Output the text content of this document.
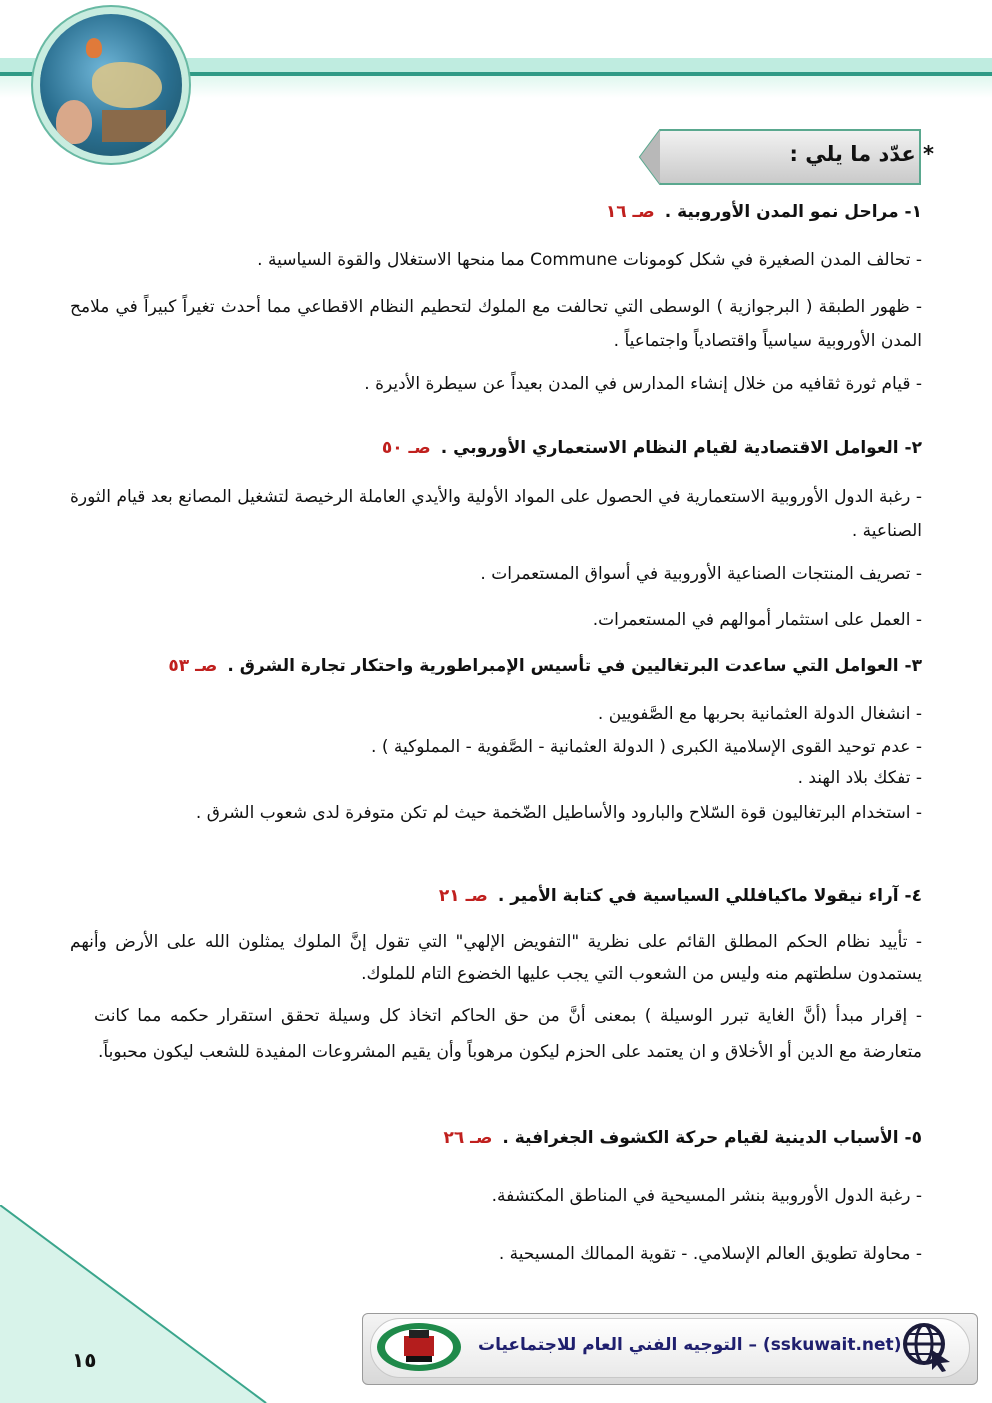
* عدّد ما يلي :
١- مراحل نمو المدن الأوروبية .صـ ١٦
- تحالف المدن الصغيرة في شكل كومونات Commune مما منحها الاستغلال والقوة السياسية .
- ظهور الطبقة ( البرجوازية ) الوسطى التي تحالفت مع الملوك لتحطيم النظام الاقطاعي مما أحدث تغيراً كبيراً في ملامح المدن الأوروبية سياسياً واقتصادياً واجتماعياً .
- قيام ثورة ثقافيه من خلال إنشاء المدارس في المدن بعيداً عن سيطرة الأديرة .
٢- العوامل الاقتصادية لقيام النظام الاستعماري الأوروبي .صـ ٥٠
- رغبة الدول الأوروبية الاستعمارية في الحصول على المواد الأولية والأيدي العاملة الرخيصة لتشغيل المصانع بعد قيام الثورة الصناعية .
- تصريف المنتجات الصناعية الأوروبية في أسواق المستعمرات .
- العمل على استثمار أموالهم في المستعمرات.
٣- العوامل التي ساعدت البرتغاليين في تأسيس الإمبراطورية واحتكار تجارة الشرق .صـ ٥٣
- انشغال الدولة العثمانية بحربها مع الصَّفويين .
- عدم توحيد القوى الإسلامية الكبرى ( الدولة العثمانية - الصَّفوية - المملوكية ) .
- تفكك بلاد الهند .
- استخدام البرتغاليون قوة السّلاح والبارود والأساطيل الضّخمة حيث لم تكن متوفرة لدى شعوب الشرق .
٤- آراء نيقولا ماكيافللي السياسية في كتابة الأمير .صـ ٢١
- تأييد نظام الحكم المطلق القائم على نظرية "التفويض الإلهي" التي تقول إنَّ الملوك يمثلون الله على الأرض وأنهم يستمدون سلطتهم منه وليس من الشعوب التي يجب عليها الخضوع التام للملوك.
- إقرار مبدأ (أنَّ الغاية تبرر الوسيلة ) بمعنى أنَّ من حق الحاكم اتخاذ كل وسيلة تحقق استقرار حكمه مما كانت متعارضة مع الدين أو الأخلاق و ان يعتمد على الحزم ليكون مرهوباً وأن يقيم المشروعات المفيدة للشعب ليكون محبوباً.
٥- الأسباب الدينية لقيام حركة الكشوف الجغرافية .صـ ٢٦
- رغبة الدول الأوروبية بنشر المسيحية في المناطق المكتشفة.
- محاولة تطويق العالم الإسلامي. - تقوية الممالك المسيحية .
١٥
(sskuwait.net) – التوجيه الفني العام للاجتماعيات
